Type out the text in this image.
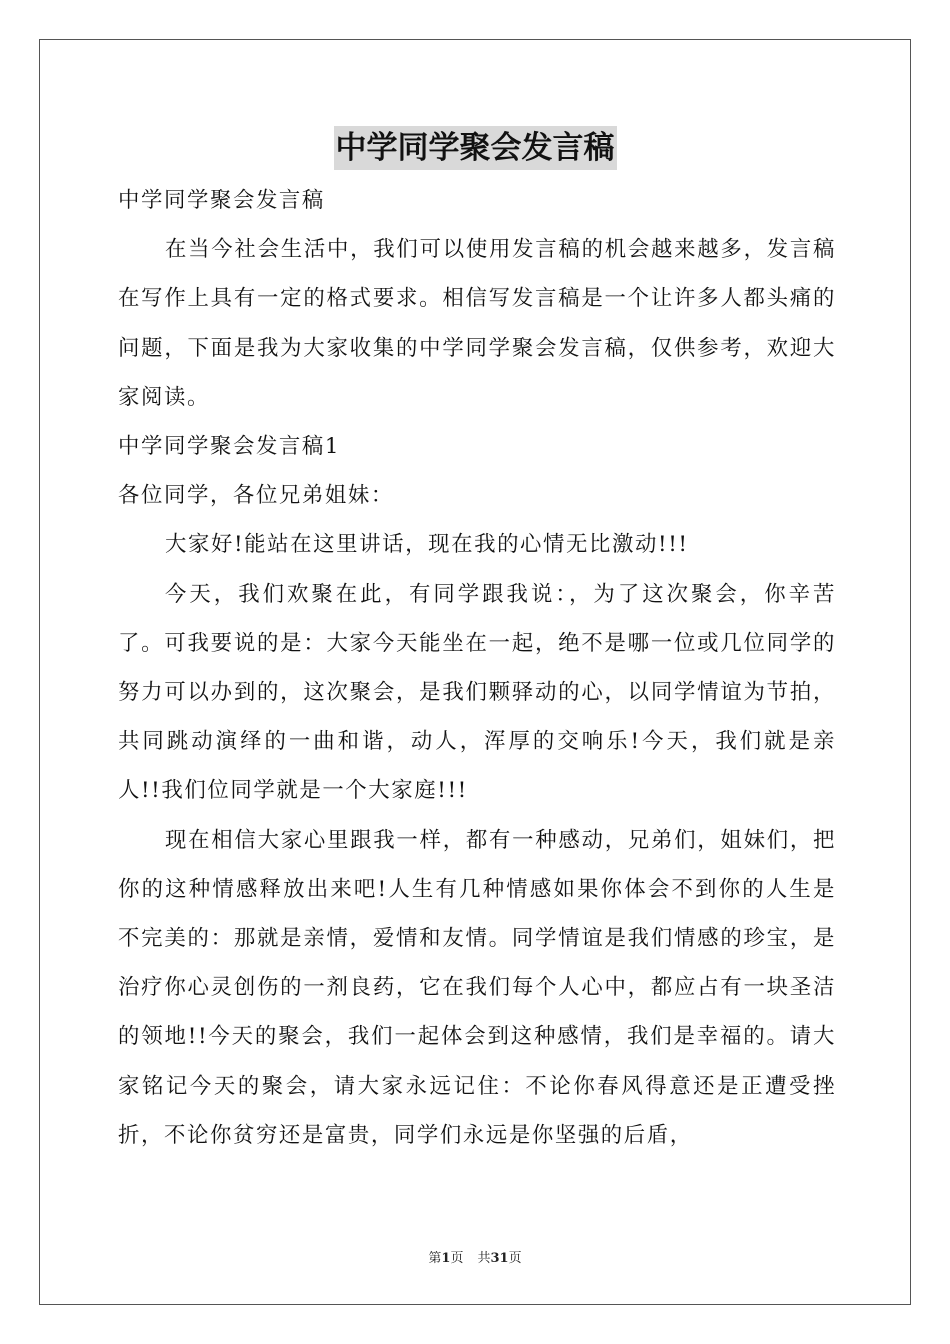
中学同学聚会发言稿

中学同学聚会发言稿

在当今社会生活中，我们可以使用发言稿的机会越来越多，发言稿在写作上具有一定的格式要求。相信写发言稿是一个让许多人都头痛的问题，下面是我为大家收集的中学同学聚会发言稿，仅供参考，欢迎大家阅读。

中学同学聚会发言稿1

各位同学，各位兄弟姐妹：

大家好!能站在这里讲话，现在我的心情无比激动!!!

今天，我们欢聚在此，有同学跟我说：，为了这次聚会，你辛苦了。可我要说的是：大家今天能坐在一起，绝不是哪一位或几位同学的努力可以办到的，这次聚会，是我们颗驿动的心，以同学情谊为节拍，共同跳动演绎的一曲和谐，动人，浑厚的交响乐!今天，我们就是亲人!!我们位同学就是一个大家庭!!!

现在相信大家心里跟我一样，都有一种感动，兄弟们，姐妹们，把你的这种情感释放出来吧!人生有几种情感如果你体会不到你的人生是不完美的：那就是亲情，爱情和友情。同学情谊是我们情感的珍宝，是治疗你心灵创伤的一剂良药，它在我们每个人心中，都应占有一块圣洁的领地!!今天的聚会，我们一起体会到这种感情，我们是幸福的。请大家铭记今天的聚会，请大家永远记住：不论你春风得意还是正遭受挫折，不论你贫穷还是富贵，同学们永远是你坚强的后盾，

第1页 共31页
